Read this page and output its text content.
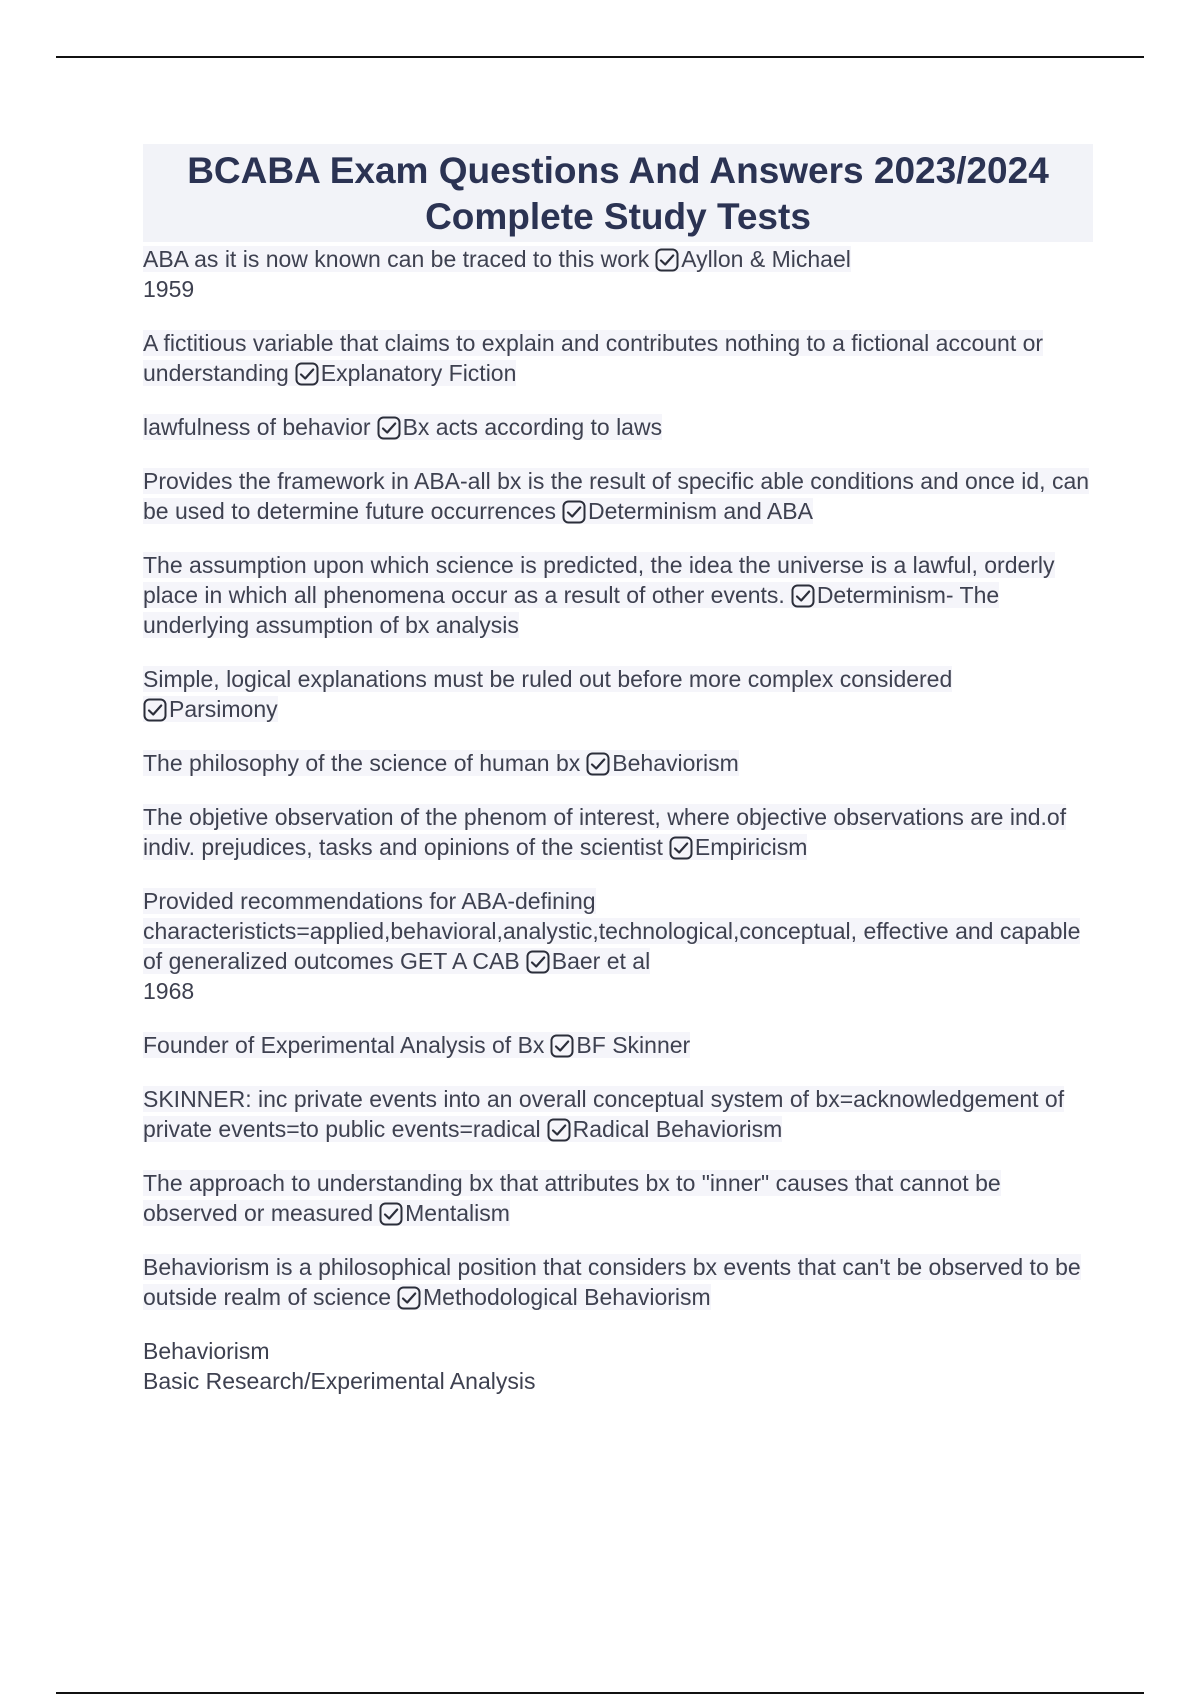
BCABA Exam Questions And Answers 2023/2024
Complete Study Tests

ABA as it is now known can be traced to this work Ayllon & Michael
1959

A fictitious variable that claims to explain and contributes nothing to a fictional account or understanding Explanatory Fiction

lawfulness of behavior Bx acts according to laws

Provides the framework in ABA-all bx is the result of specific able conditions and once id, can be used to determine future occurrences Determinism and ABA

The assumption upon which science is predicted, the idea the universe is a lawful, orderly place in which all phenomena occur as a result of other events. Determinism- The underlying assumption of bx analysis

Simple, logical explanations must be ruled out before more complex considered
Parsimony

The philosophy of the science of human bx Behaviorism

The objetive observation of the phenom of interest, where objective observations are ind.of indiv. prejudices, tasks and opinions of the scientist Empiricism

Provided recommendations for ABA-defining
characteristicts=applied,behavioral,analystic,technological,conceptual, effective and capable of generalized outcomes GET A CAB Baer et al
1968

Founder of Experimental Analysis of Bx BF Skinner

SKINNER: inc private events into an overall conceptual system of bx=acknowledgement of private events=to public events=radical Radical Behaviorism

The approach to understanding bx that attributes bx to "inner" causes that cannot be observed or measured Mentalism

Behaviorism is a philosophical position that considers bx events that can't be observed to be outside realm of science Methodological Behaviorism

Behaviorism
Basic Research/Experimental Analysis
